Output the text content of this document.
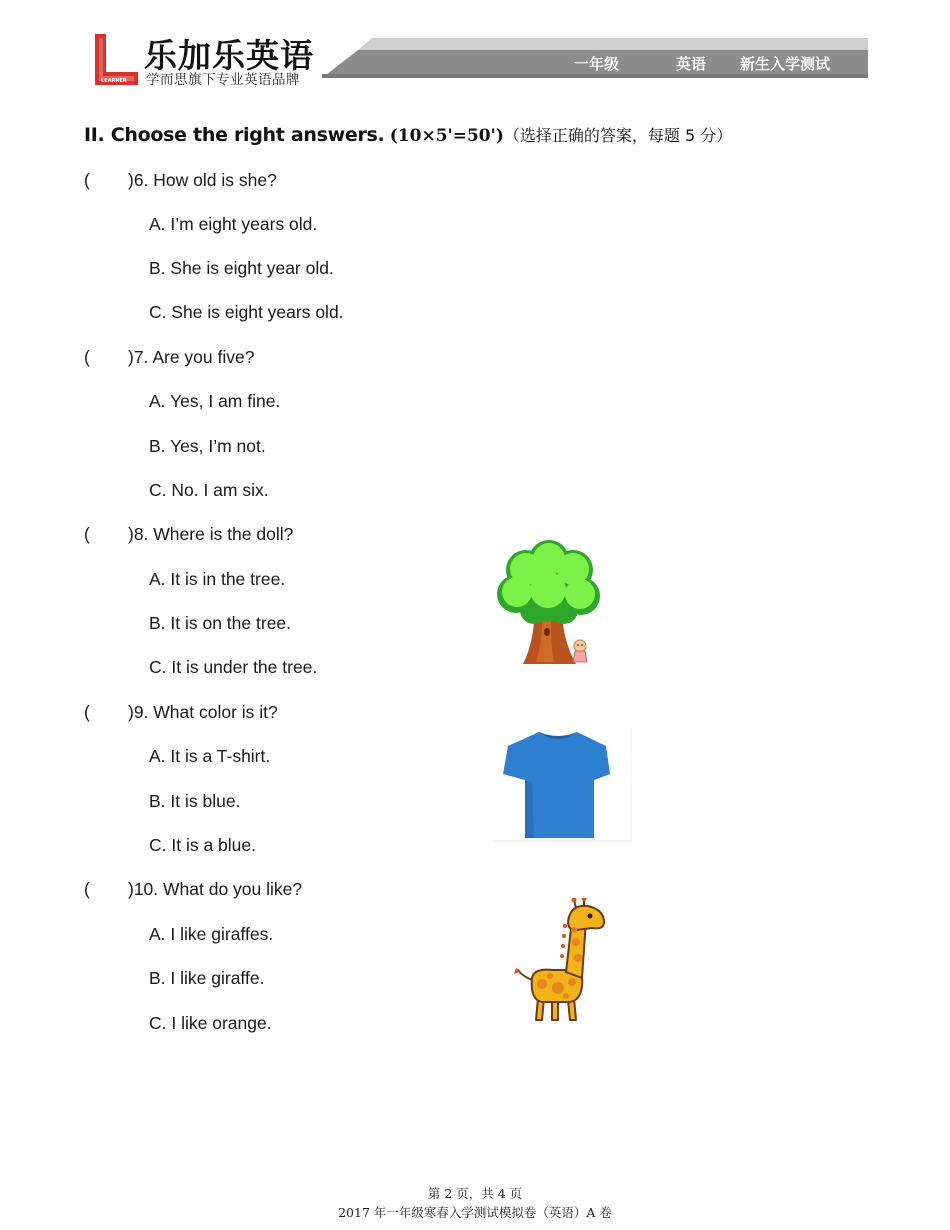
LEARNER
乐加乐英语
学而思旗下专业英语品牌
一年级	英语 新生入学测试
II. Choose the right answers. (10×5'=50')（选择正确的答案，每题 5 分）
( )6. How old is she?
A. I’m eight years old.
B. She is eight year old.
C. She is eight years old.
( )7. Are you five?
A. Yes, I am fine.
B. Yes, I’m not.
C. No. I am six.
( )8. Where is the doll?
A. It is in the tree.
B. It is on the tree.
C. It is under the tree.
( )9. What color is it?
A. It is a T-shirt.
B. It is blue.
C. It is a blue.
( )10. What do you like?
A. I like giraffes.
B. I like giraffe.
C. I like orange.
第 2 页，共 4 页
2017 年一年级寒春入学测试模拟卷（英语）A 卷
